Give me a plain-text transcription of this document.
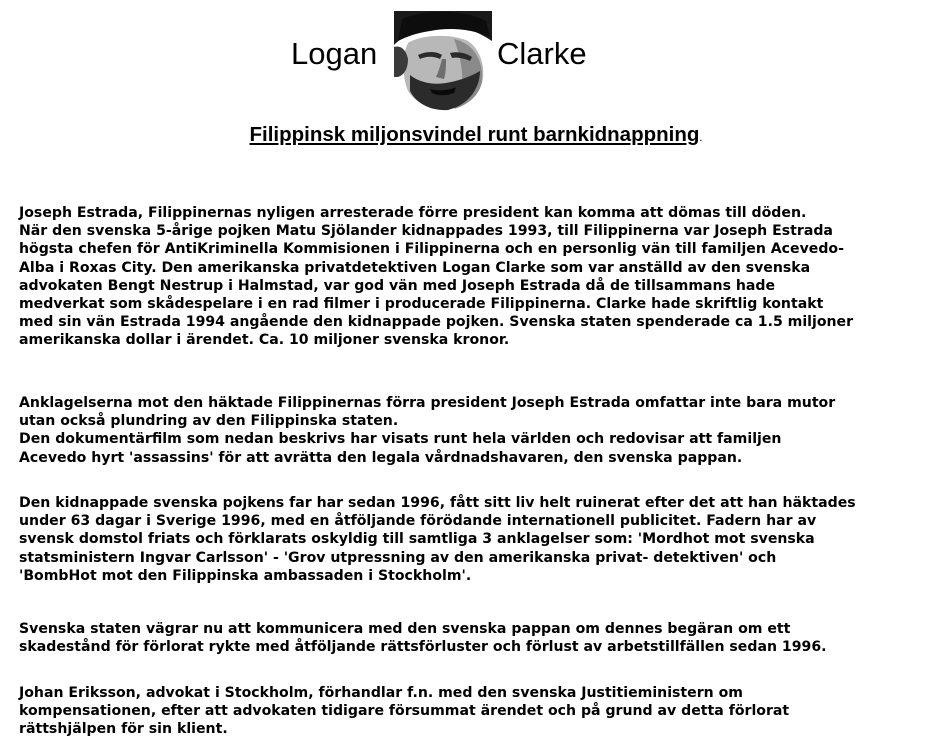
Logan	Clarke
Filippinsk miljonsvindel runt barnkidnappning.

Joseph Estrada, Filippinernas nyligen arresterade förre president kan komma att dömas till döden.
När den svenska 5-årige pojken Matu Sjölander kidnappades 1993, till Filippinerna var Joseph Estrada
högsta chefen för AntiKriminella Kommisionen i Filippinerna och en personlig vän till familjen Acevedo-
Alba i Roxas City. Den amerikanska privatdetektiven Logan Clarke som var anställd av den svenska
advokaten Bengt Nestrup i Halmstad, var god vän med Joseph Estrada då de tillsammans hade
medverkat som skådespelare i en rad filmer i producerade Filippinerna. Clarke hade skriftlig kontakt
med sin vän Estrada 1994 angående den kidnappade pojken. Svenska staten spenderade ca 1.5 miljoner
amerikanska dollar i ärendet. Ca. 10 miljoner svenska kronor.

Anklagelserna mot den häktade Filippinernas förra president Joseph Estrada omfattar inte bara mutor
utan också plundring av den Filippinska staten.
Den dokumentärfilm som nedan beskrivs har visats runt hela världen och redovisar att familjen
Acevedo hyrt 'assassins' för att avrätta den legala vårdnadshavaren, den svenska pappan.

Den kidnappade svenska pojkens far har sedan 1996, fått sitt liv helt ruinerat efter det att han häktades
under 63 dagar i Sverige 1996, med en åtföljande förödande internationell publicitet. Fadern har av
svensk domstol friats och förklarats oskyldig till samtliga 3 anklagelser som: 'Mordhot mot svenska
statsministern Ingvar Carlsson' - 'Grov utpressning av den amerikanska privat- detektiven' och
'BombHot mot den Filippinska ambassaden i Stockholm'.

Svenska staten vägrar nu att kommunicera med den svenska pappan om dennes begäran om ett
skadestånd för förlorat rykte med åtföljande rättsförluster och förlust av arbetstillfällen sedan 1996.

Johan Eriksson, advokat i Stockholm, förhandlar f.n. med den svenska Justitieministern om
kompensationen, efter att advokaten tidigare försummat ärendet och på grund av detta förlorat
rättshjälpen för sin klient.
